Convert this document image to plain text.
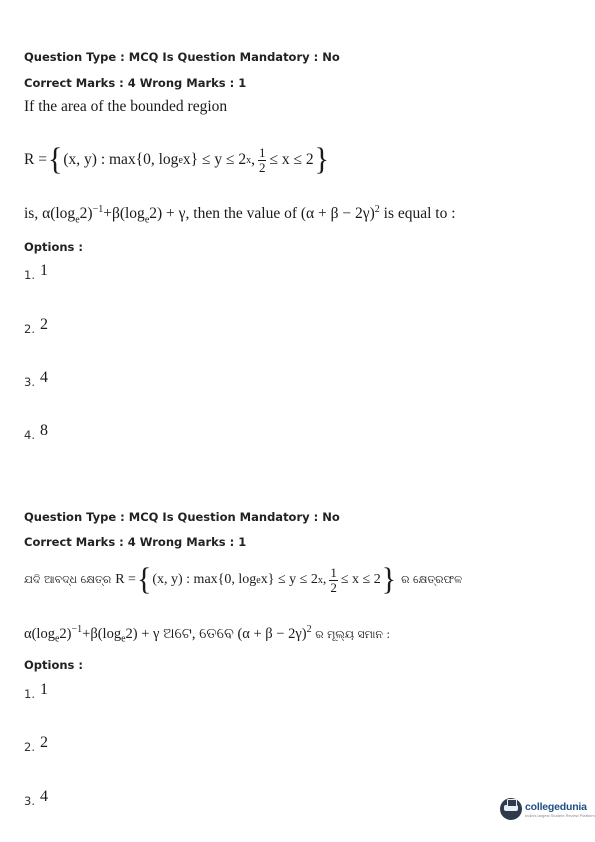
Question Type : MCQ Is Question Mandatory : No
Correct Marks : 4 Wrong Marks : 1
If the area of the bounded region
R = { (x, y) : max{0, log e x} ≤ y ≤ 2 x , $\frac{1}{2} \le x \le 2$ }
is, $\alpha(\log_e2)^{-1}+\beta(\log_e2) + \gamma$, then the value of $(\alpha + \beta - 2\gamma)^2$ is equal to :
Options :
1. 1
2. 2
3. 4
4. 8
Question Type : MCQ Is Question Mandatory : No
Correct Marks : 4 Wrong Marks : 1
ଯଦି ଆବଦ୍ଧ କ୍ଷେତ୍ର R = { (x, y) : max{0, log e x} ≤ y ≤ 2 x , $\frac{1}{2} \le x \le 2$ } ର କ୍ଷେତ୍ରଫଳ
$\alpha(\log_e2)^{-1}+\beta(\log_e2) + \gamma$ ଅଟେ, ତେବେ $(\alpha + \beta - 2\gamma)^2$ ର ମୂଲ୍ୟ ସମାନ :
Options :
1. 1
2. 2
3. 4
collegedunia
India's largest Student Review Platform
